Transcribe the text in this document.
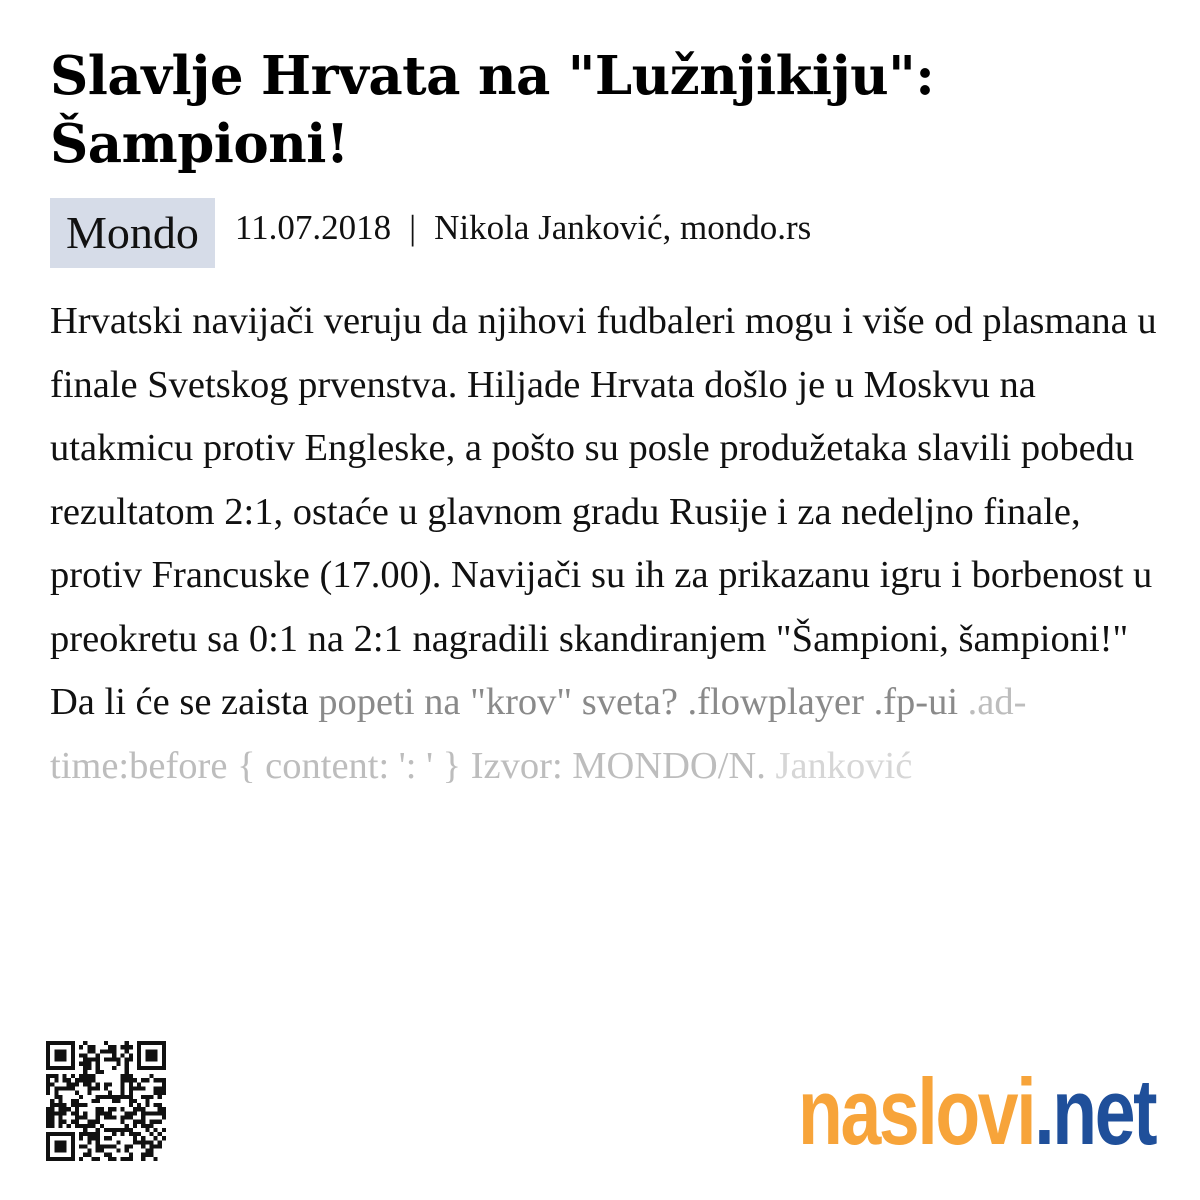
Slavlje Hrvata na "Lužnjikiju": Šampioni!
Mondo	11.07.2018 | Nikola Janković, mondo.rs

Hrvatski navijači veruju da njihovi fudbaleri mogu i više od plasmana u finale Svetskog prvenstva. Hiljade Hrvata došlo je u Moskvu na utakmicu protiv Engleske, a pošto su posle produžetaka slavili pobedu rezultatom 2:1, ostaće u glavnom gradu Rusije i za nedeljno finale, protiv Francuske (17.00). Navijači su ih za prikazanu igru i borbenost u preokretu sa 0:1 na 2:1 nagradili skandiranjem "Šampioni, šampioni!" Da li će se zaista popeti na "krov" sveta? .flowplayer .fp-ui .ad-time:before { content: ': ' } Izvor: MONDO/N. Janković

naslovi.net
